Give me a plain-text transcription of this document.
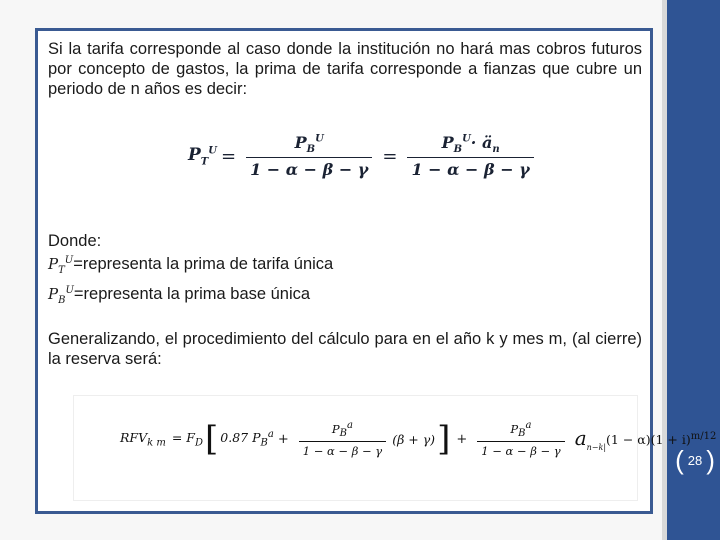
Si la tarifa corresponde al caso donde la institución no hará mas cobros futuros por concepto de gastos, la prima de tarifa corresponde a fianzas que cubre un periodo de n años es decir:
$P_T^U = \frac{P_B^U}{1 - \alpha - \beta - \gamma} = \frac{P_B^U\cdot ä_n}{1 - \alpha - \beta - \gamma}$
Donde:
$P_T^U=representa$ la prima de tarifa única
$P_B^U=representa$ la prima base única
Generalizando, el procedimiento del cálculo para en el año k y mes m, (al cierre) la reserva será:
$RFV_{k m} = F_D$ [ 0.87 $P_B^a + \frac{P_B^a}{1 - \alpha - \beta - \gamma} (\beta + \gamma)$ ] + $\frac{P_B^a}{1 - \alpha - \beta - \gamma} a_{n-k|}$
$(1 - \alpha)(1 + i)^{m/12}$
( 28 )
